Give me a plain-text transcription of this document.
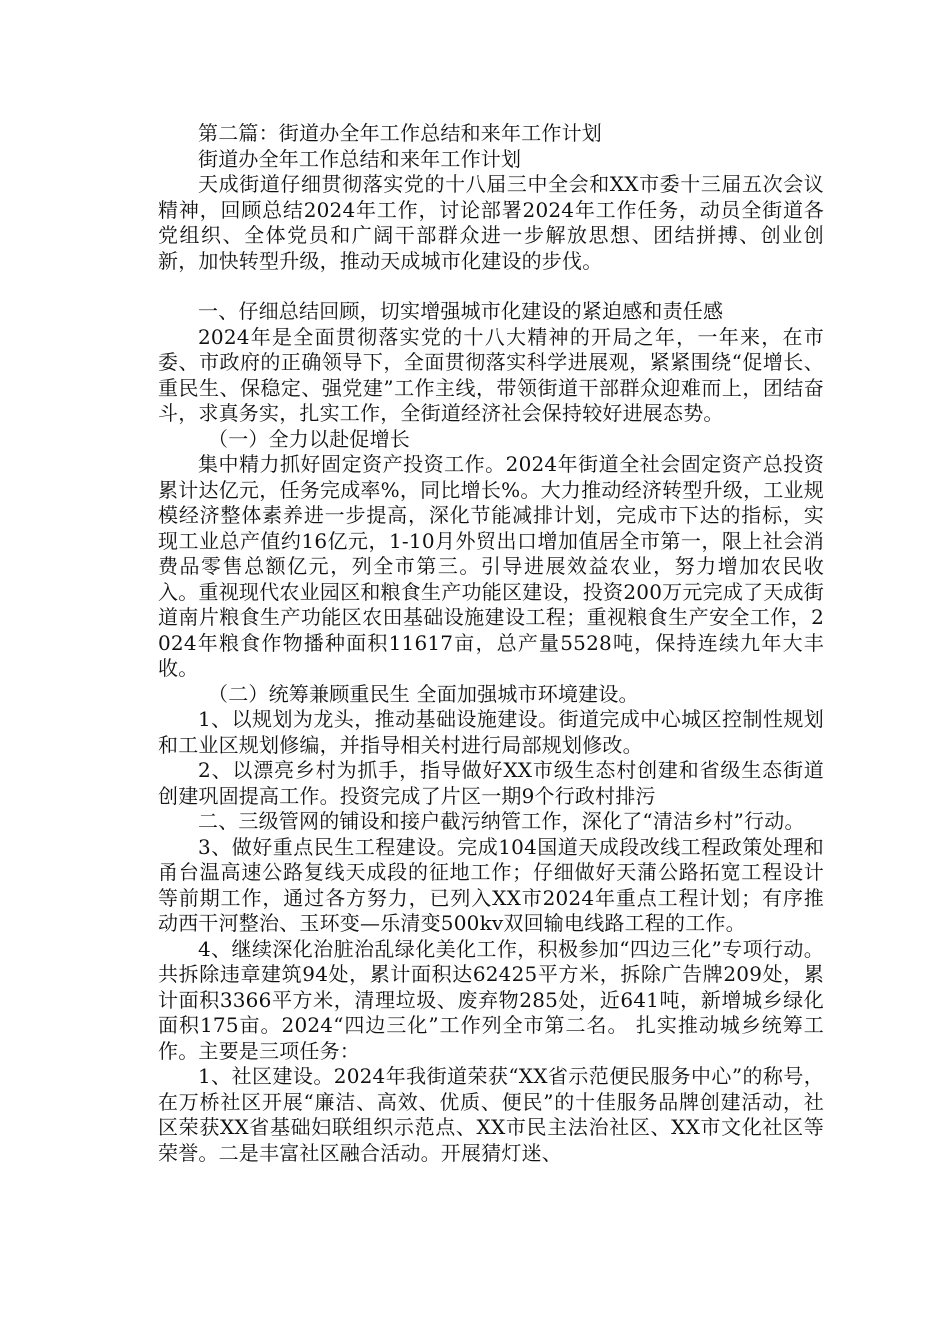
第二篇：街道办全年工作总结和来年工作计划

街道办全年工作总结和来年工作计划

天成街道仔细贯彻落实党的十八届三中全会和XX市委十三届五次会议精神，回顾总结2024年工作，讨论部署2024年工作任务，动员全街道各党组织、全体党员和广阔干部群众进一步解放思想、团结拼搏、创业创新，加快转型升级，推动天成城市化建设的步伐。

一、仔细总结回顾，切实增强城市化建设的紧迫感和责任感

2024年是全面贯彻落实党的十八大精神的开局之年，一年来，在市委、市政府的正确领导下，全面贯彻落实科学进展观，紧紧围绕“促增长、重民生、保稳定、强党建”工作主线，带领街道干部群众迎难而上，团结奋斗，求真务实，扎实工作，全街道经济社会保持较好进展态势。

（一）全力以赴促增长

集中精力抓好固定资产投资工作。2024年街道全社会固定资产总投资累计达亿元，任务完成率%，同比增长%。大力推动经济转型升级，工业规模经济整体素养进一步提高，深化节能减排计划，完成市下达的指标，实现工业总产值约16亿元，1-10月外贸出口增加值居全市第一，限上社会消费品零售总额亿元，列全市第三。引导进展效益农业，努力增加农民收入。重视现代农业园区和粮食生产功能区建设，投资200万元完成了天成街道南片粮食生产功能区农田基础设施建设工程；重视粮食生产安全工作，2024年粮食作物播种面积11617亩，总产量5528吨，保持连续九年大丰收。

（二）统筹兼顾重民生 全面加强城市环境建设。

1、以规划为龙头，推动基础设施建设。街道完成中心城区控制性规划和工业区规划修编，并指导相关村进行局部规划修改。

2、以漂亮乡村为抓手，指导做好XX市级生态村创建和省级生态街道创建巩固提高工作。投资完成了片区一期9个行政村排污

二、三级管网的铺设和接户截污纳管工作，深化了“清洁乡村”行动。

3、做好重点民生工程建设。完成104国道天成段改线工程政策处理和甬台温高速公路复线天成段的征地工作；仔细做好天蒲公路拓宽工程设计等前期工作，通过各方努力，已列入XX市2024年重点工程计划；有序推动西干河整治、玉环变—乐清变500kv双回输电线路工程的工作。

4、继续深化治脏治乱绿化美化工作，积极参加“四边三化”专项行动。共拆除违章建筑94处，累计面积达62425平方米，拆除广告牌209处，累计面积3366平方米，清理垃圾、废弃物285处，近641吨，新增城乡绿化面积175亩。2024“四边三化”工作列全市第二名。 扎实推动城乡统筹工作。主要是三项任务：

1、社区建设。2024年我街道荣获“XX省示范便民服务中心”的称号，在万桥社区开展“廉洁、高效、优质、便民”的十佳服务品牌创建活动，社区荣获XX省基础妇联组织示范点、XX市民主法治社区、XX市文化社区等荣誉。二是丰富社区融合活动。开展猜灯迷、
